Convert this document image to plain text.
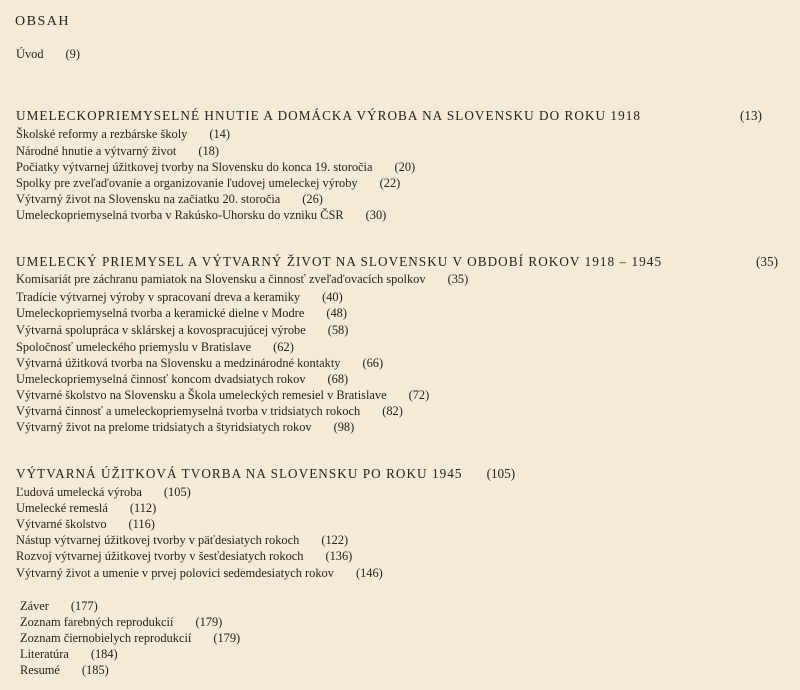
OBSAH
Úvod (9)
UMELECKOPRIEMYSELNÉ HNUTIE A DOMÁCKA VÝROBA NA SLOVENSKU DO ROKU 1918	(13)
Školské reformy a rezbárske školy (14)
Národné hnutie a výtvarný život (18)
Počiatky výtvarnej úžitkovej tvorby na Slovensku do konca 19. storočia (20)
Spolky pre zveľaďovanie a organizovanie ľudovej umeleckej výroby (22)
Výtvarný život na Slovensku na začiatku 20. storočia (26)
Umeleckopriemyselná tvorba v Rakúsko-Uhorsku do vzniku ČSR (30)
UMELECKÝ PRIEMYSEL A VÝTVARNÝ ŽIVOT NA SLOVENSKU V OBDOBÍ ROKOV 1918 – 1945	(35)
Komisariát pre záchranu pamiatok na Slovensku a činnosť zveľaďovacích spolkov (35)
Tradície výtvarnej výroby v spracovaní dreva a keramiky (40)
Umeleckopriemyselná tvorba a keramické dielne v Modre (48)
Výtvarná spolupráca v sklárskej a kovospracujúcej výrobe (58)
Spoločnosť umeleckého priemyslu v Bratislave (62)
Výtvarná úžitková tvorba na Slovensku a medzinárodné kontakty (66)
Umeleckopriemyselná činnosť koncom dvadsiatych rokov (68)
Výtvarné školstvo na Slovensku a Škola umeleckých remesiel v Bratislave (72)
Výtvarná činnosť a umeleckopriemyselná tvorba v tridsiatych rokoch (82)
Výtvarný život na prelome tridsiatych a štyridsiatych rokov (98)
VÝTVARNÁ ÚŽITKOVÁ TVORBA NA SLOVENSKU PO ROKU 1945 (105)
Ľudová umelecká výroba (105)
Umelecké remeslá (112)
Výtvarné školstvo (116)
Nástup výtvarnej úžitkovej tvorby v päťdesiatych rokoch (122)
Rozvoj výtvarnej úžitkovej tvorby v šesťdesiatych rokoch (136)
Výtvarný život a umenie v prvej polovici sedemdesiatych rokov (146)
Záver (177)
Zoznam farebných reprodukcií (179)
Zoznam čiernobielych reprodukcií (179)
Literatúra (184)
Resumé (185)
